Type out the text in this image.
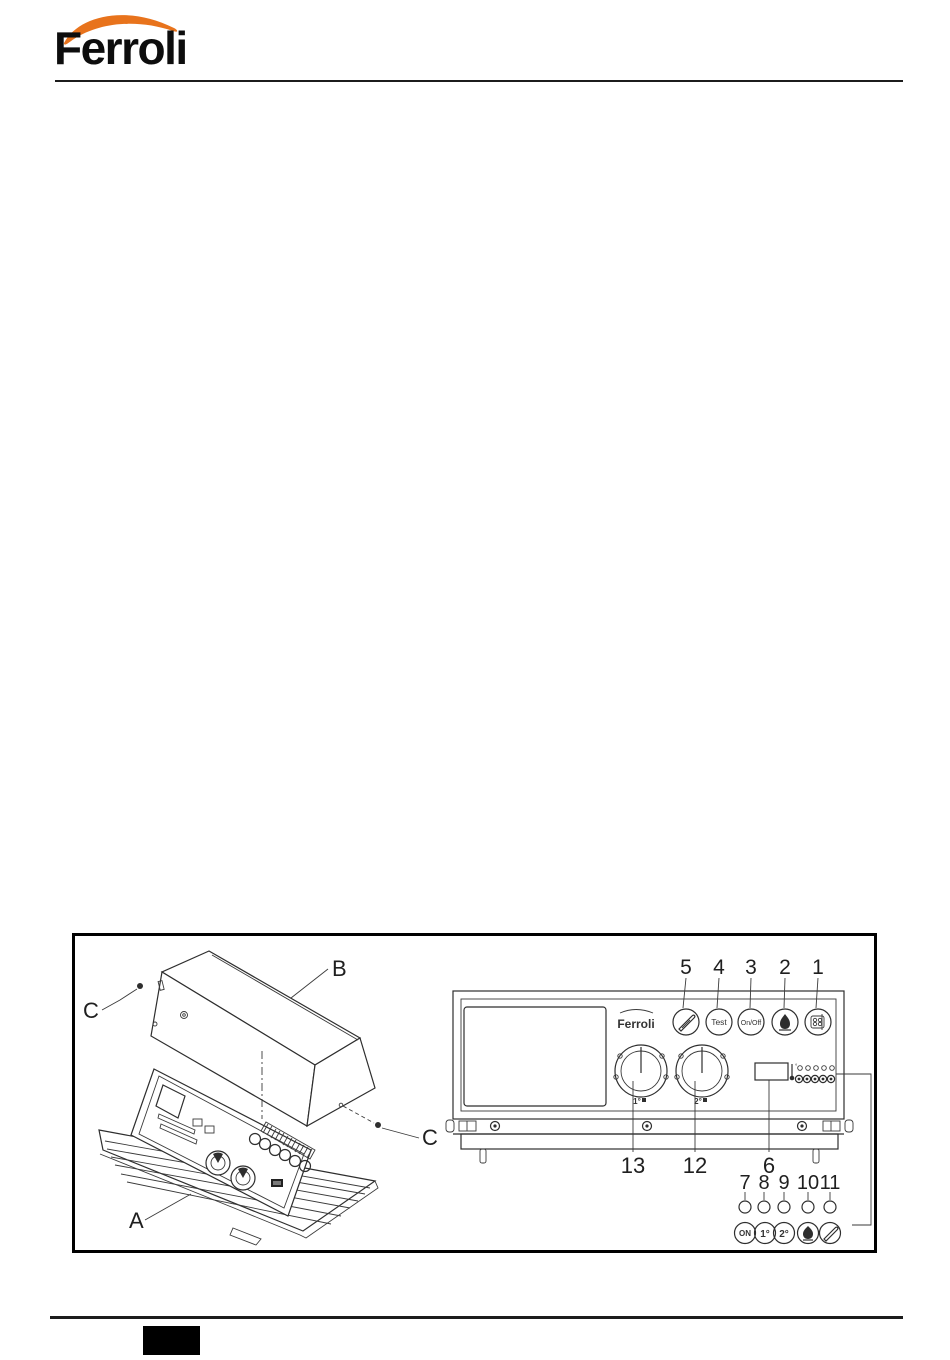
Ferroli
C
C
B
A
Ferroli	Test On/Off
5 4 3 2 1
1°	2°
°
13 12	6
7 8 9 10 11
ON 1° 2°
